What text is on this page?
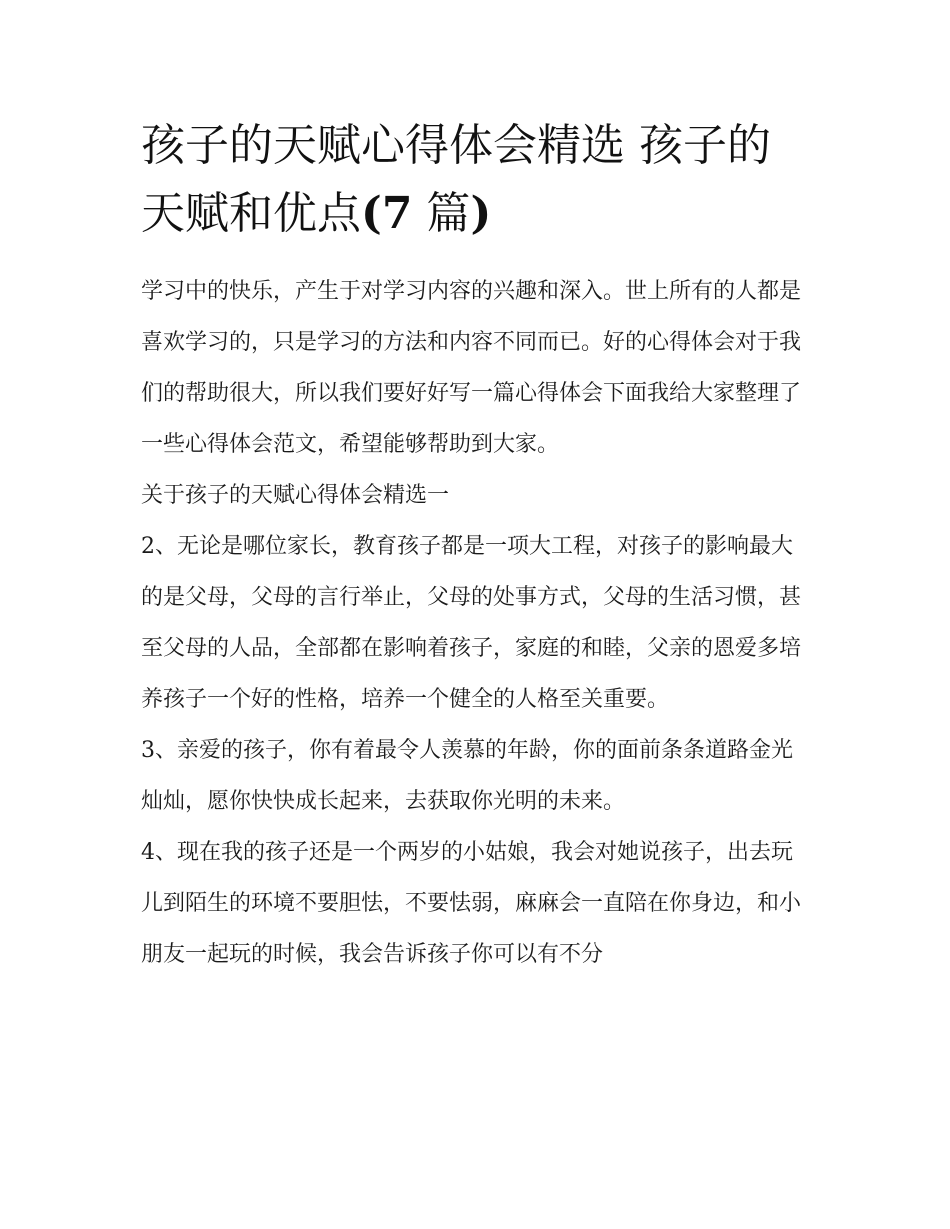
孩子的天赋心得体会精选 孩子的天赋和优点(7 篇)

学习中的快乐，产生于对学习内容的兴趣和深入。世上所有的人都是喜欢学习的，只是学习的方法和内容不同而已。好的心得体会对于我们的帮助很大，所以我们要好好写一篇心得体会下面我给大家整理了一些心得体会范文，希望能够帮助到大家。

关于孩子的天赋心得体会精选一

2、无论是哪位家长，教育孩子都是一项大工程，对孩子的影响最大的是父母，父母的言行举止，父母的处事方式，父母的生活习惯，甚至父母的人品，全部都在影响着孩子，家庭的和睦，父亲的恩爱多培养孩子一个好的性格，培养一个健全的人格至关重要。

3、亲爱的孩子，你有着最令人羡慕的年龄，你的面前条条道路金光灿灿，愿你快快成长起来，去获取你光明的未来。

4、现在我的孩子还是一个两岁的小姑娘，我会对她说孩子，出去玩儿到陌生的环境不要胆怯，不要怯弱，麻麻会一直陪在你身边，和小朋友一起玩的时候，我会告诉孩子你可以有不分
